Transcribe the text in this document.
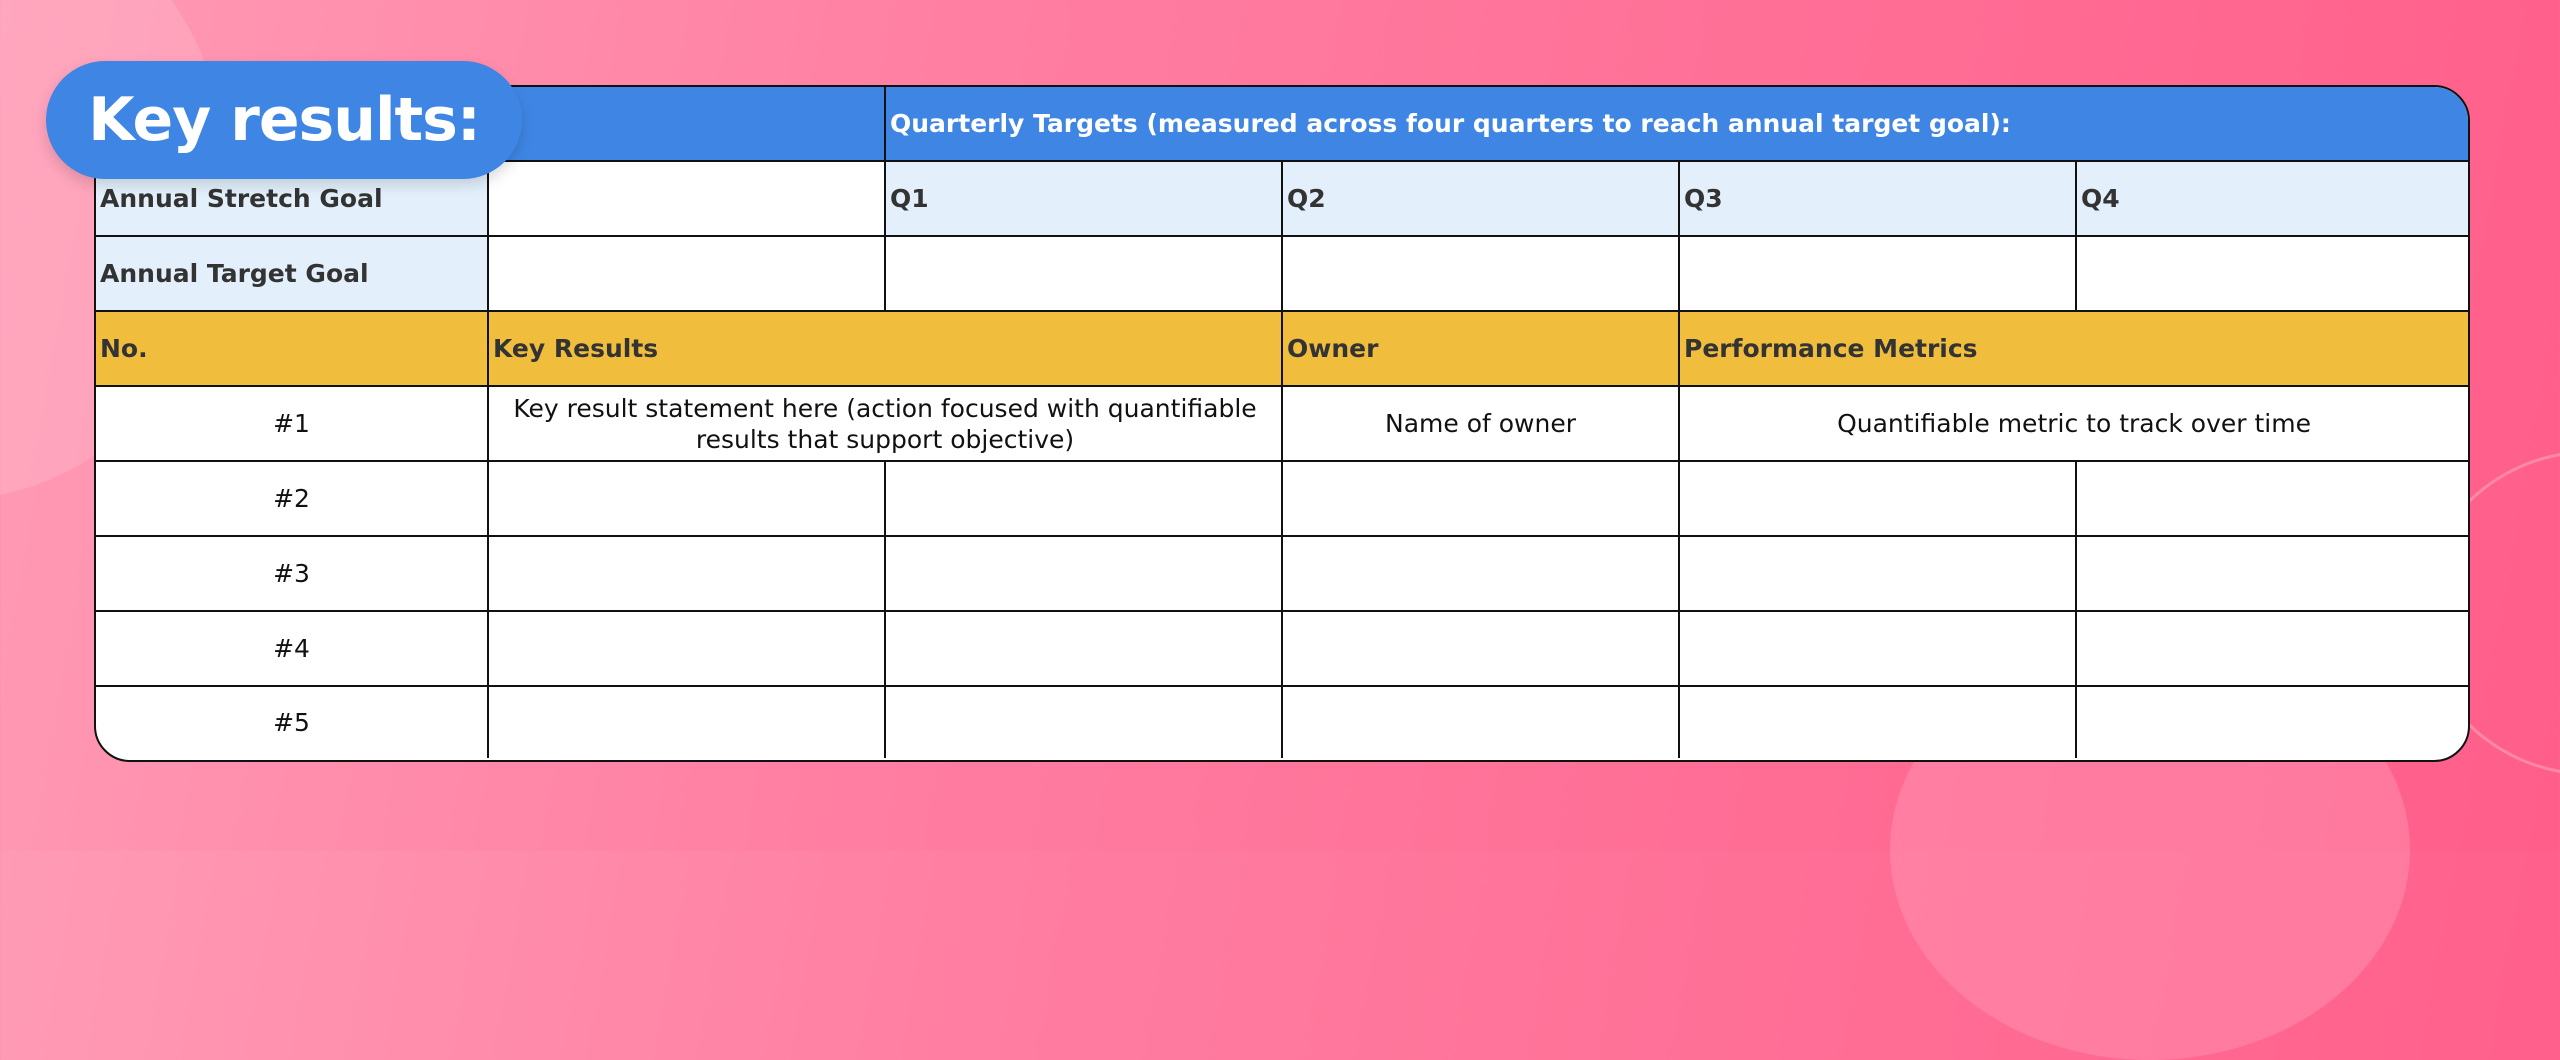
Key results:
		Quarterly Targets (measured across four quarters to reach annual target goal):			
Annual Stretch Goal		Q1	Q2	Q3	Q4
Annual Target Goal					
No.	Key Results		Owner	Performance Metrics	
#1	Key result statement here (action focused with quantifiable results that support objective)		Name of owner	Quantifiable metric to track over time	
#2					
#3					
#4					
#5					
